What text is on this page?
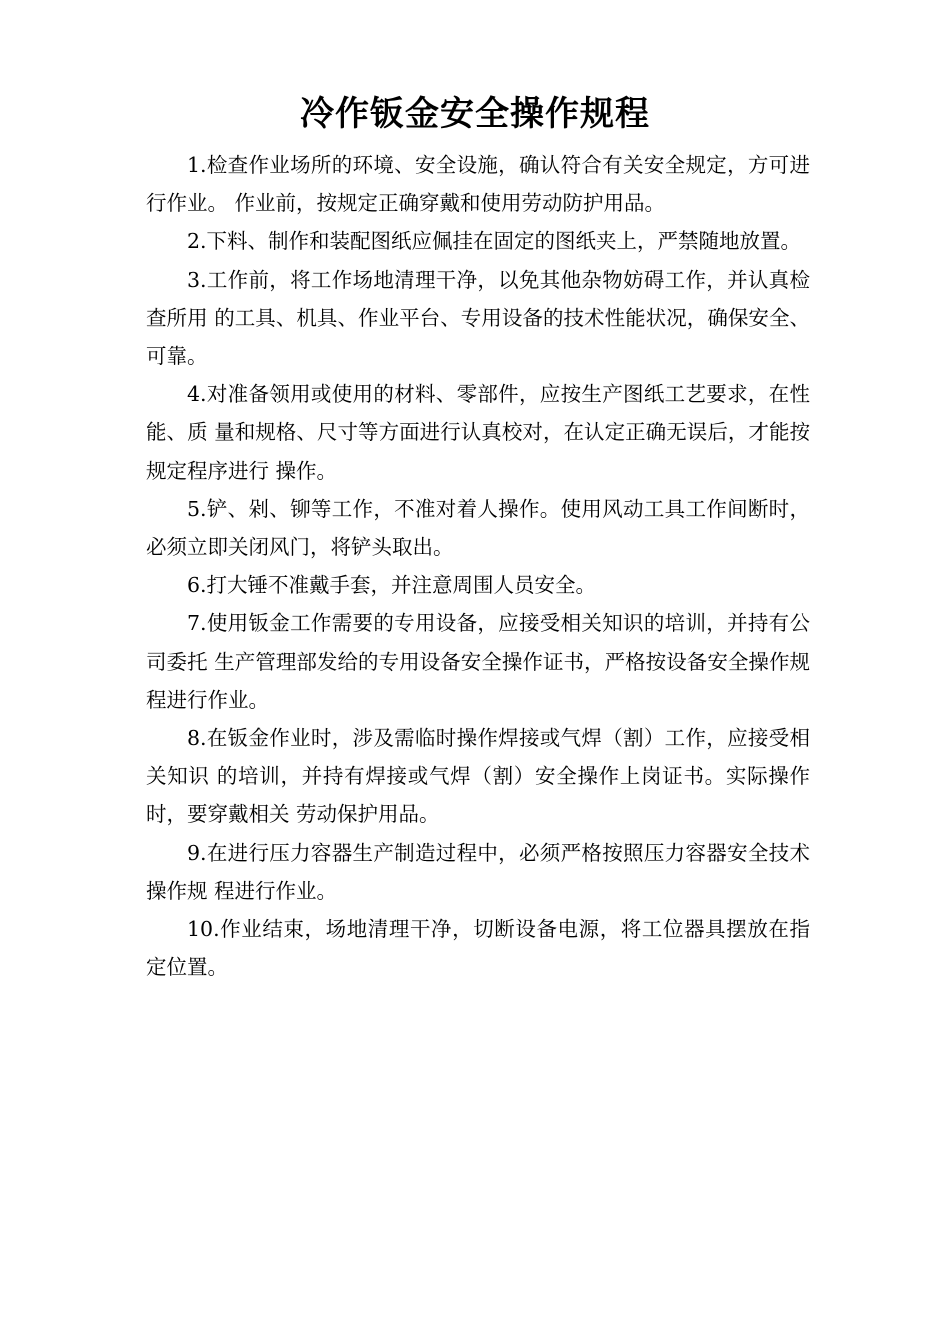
冷作钣金安全操作规程

1.检查作业场所的环境、安全设施，确认符合有关安全规定，方可进行作业。 作业前，按规定正确穿戴和使用劳动防护用品。

2.下料、制作和装配图纸应佩挂在固定的图纸夹上，严禁随地放置。

3.工作前，将工作场地清理干净，以免其他杂物妨碍工作，并认真检查所用 的工具、机具、作业平台、专用设备的技术性能状况，确保安全、可靠。

4.对准备领用或使用的材料、零部件，应按生产图纸工艺要求，在性能、质 量和规格、尺寸等方面进行认真校对，在认定正确无误后，才能按规定程序进行 操作。

5.铲、剁、铆等工作，不准对着人操作。使用风动工具工作间断时，必须立即关闭风门，将铲头取出。

6.打大锤不准戴手套，并注意周围人员安全。

7.使用钣金工作需要的专用设备，应接受相关知识的培训，并持有公司委托 生产管理部发给的专用设备安全操作证书，严格按设备安全操作规程进行作业。

8.在钣金作业时，涉及需临时操作焊接或气焊（割）工作，应接受相关知识 的培训，并持有焊接或气焊（割）安全操作上岗证书。实际操作时，要穿戴相关 劳动保护用品。

9.在进行压力容器生产制造过程中，必须严格按照压力容器安全技术操作规 程进行作业。

10.作业结束，场地清理干净，切断设备电源，将工位器具摆放在指定位置。
